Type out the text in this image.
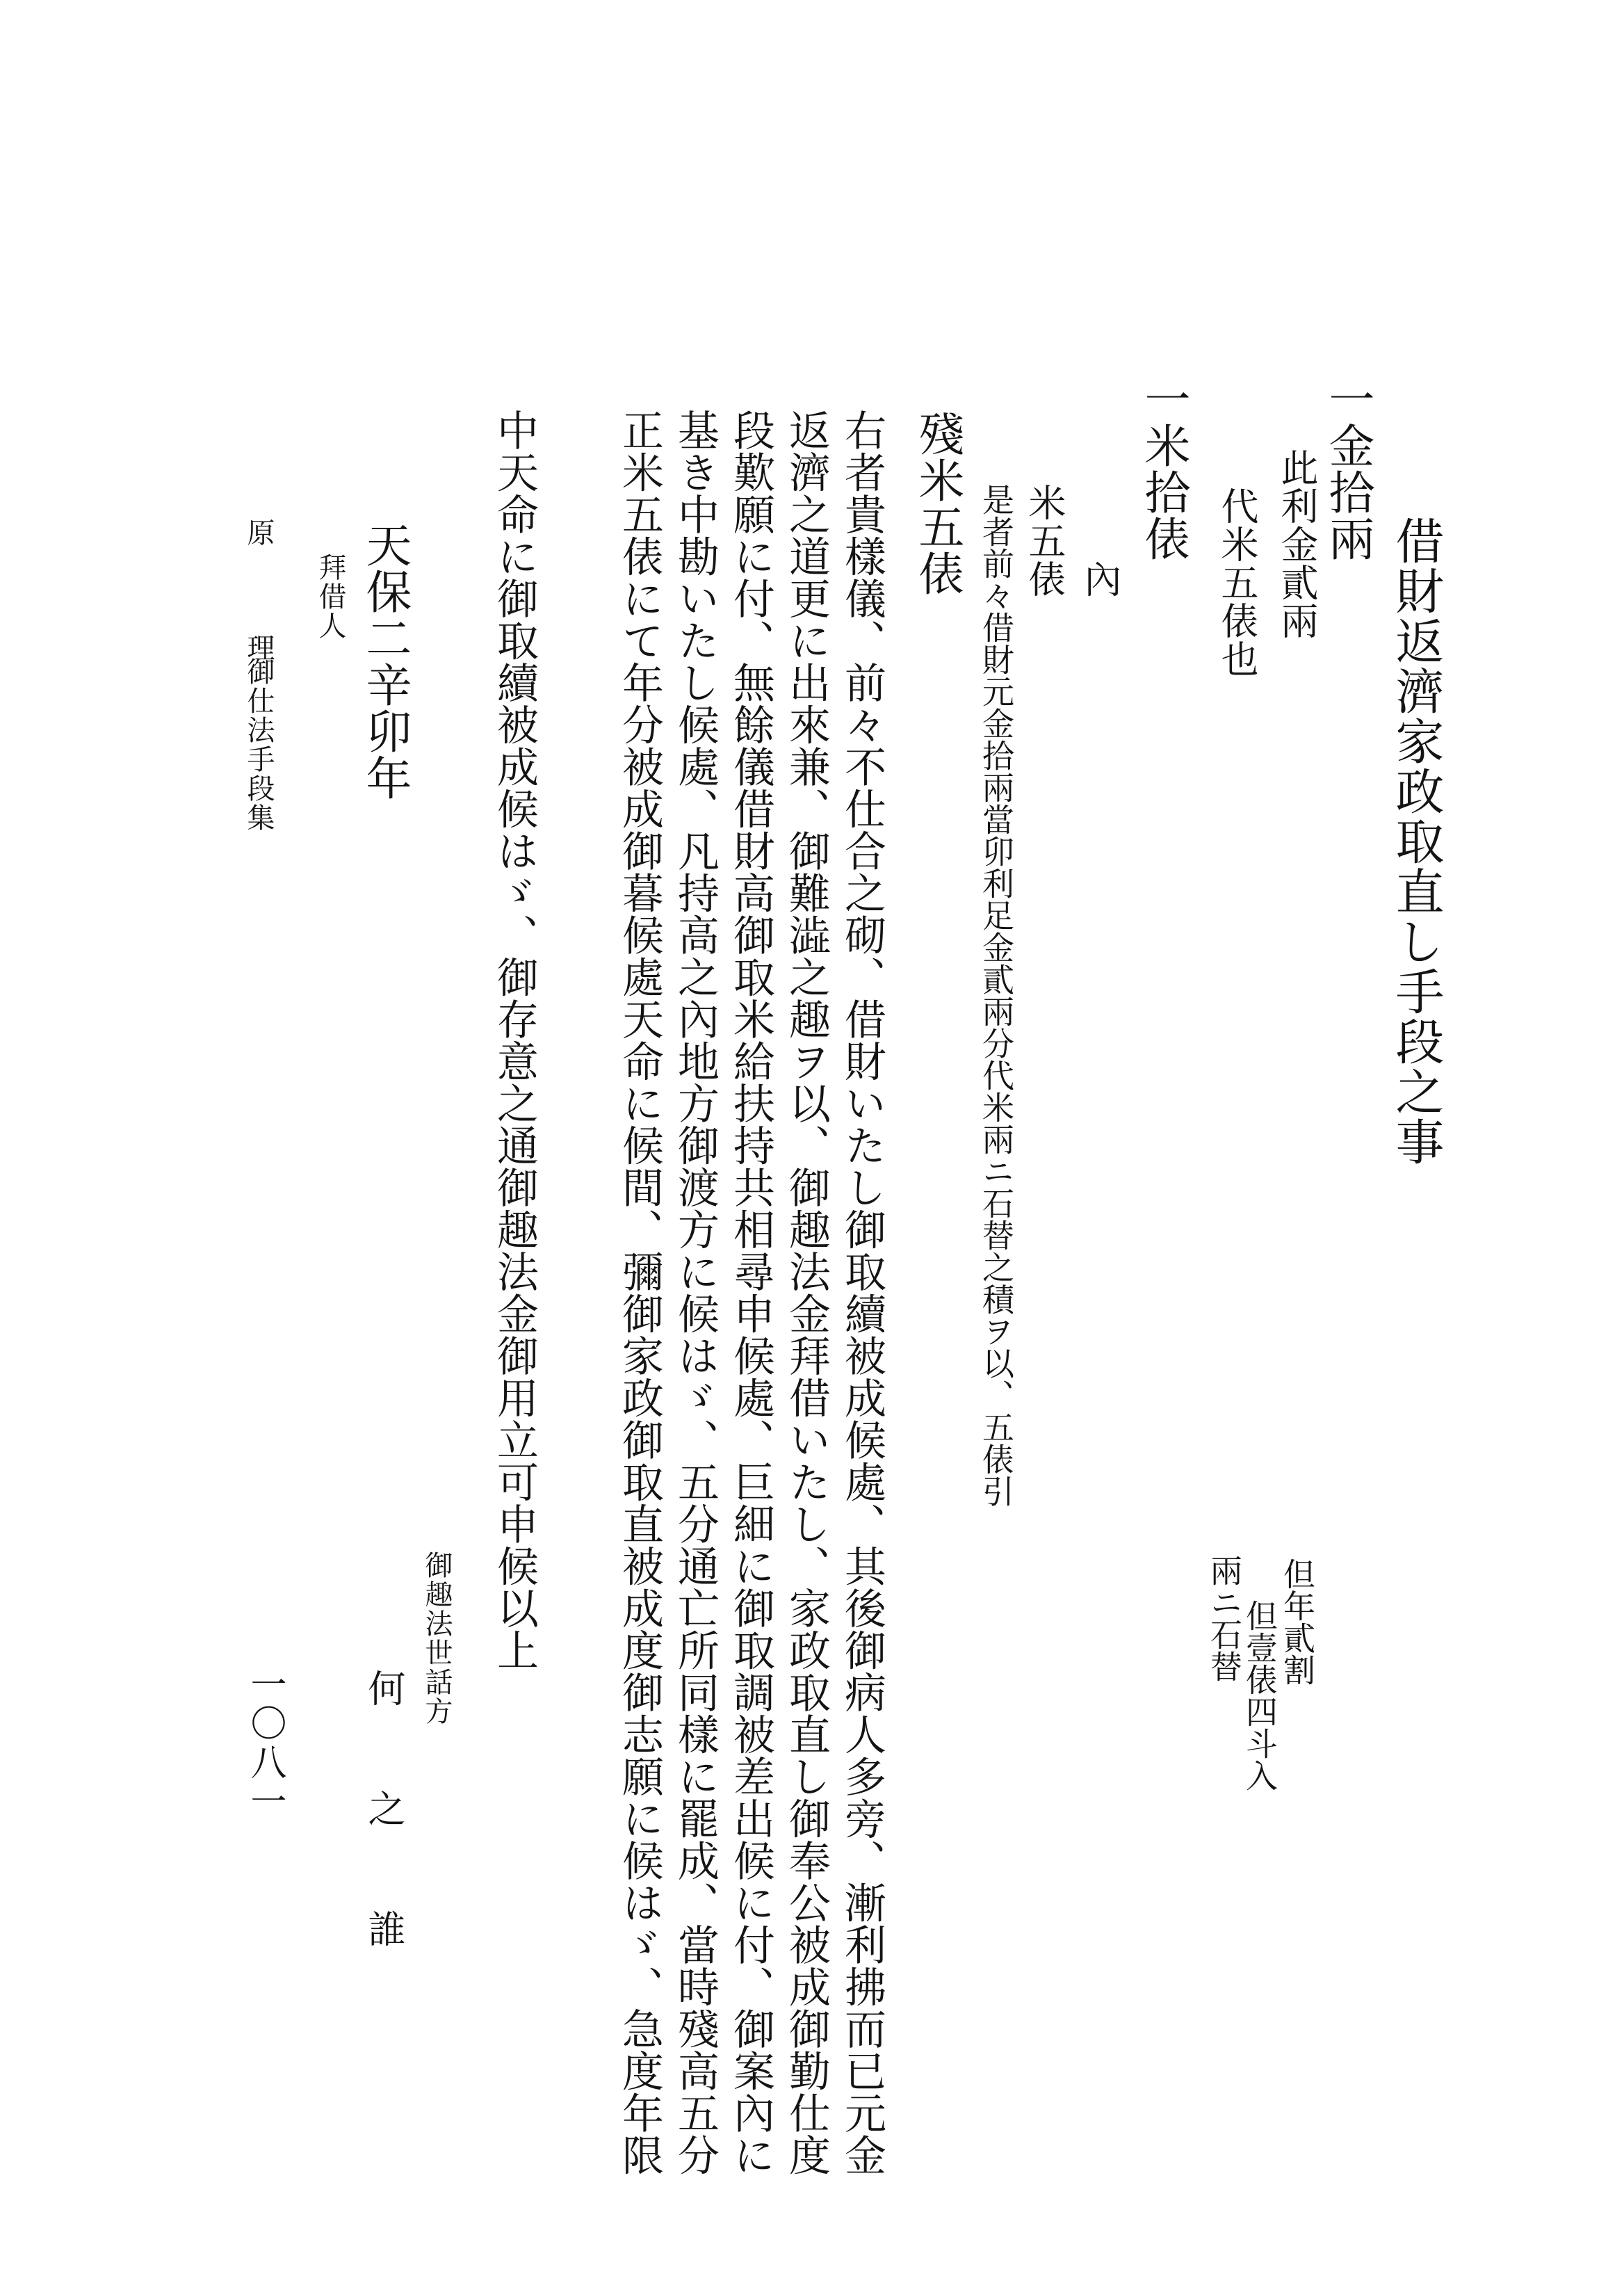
借財返濟家政取直し手段之事
一金拾兩
此利金貳兩
代米五俵也
但年貳割
但壹俵四斗入
兩ニ石替
一米拾俵
內
米五俵
是者前々借財元金拾兩當卯利足金貳兩分代米兩ニ石替之積ヲ以、五俵引
殘米五俵
右者貴樣儀、前々不仕合之砌、借財いたし御取續被成候處、其後御病人多旁、漸利拂而已元金
返濟之道更に出來兼、御難澁之趣ヲ以、御趣法金拜借いたし、家政取直し御奉公被成御勤仕度
段歎願に付、無餘儀借財高御取米給扶持共相尋申候處、巨細に御取調被差出候に付、御案內に
基き中勘いたし候處、凡持高之內地方御渡方に候はゞ、五分通亡所同樣に罷成、當時殘高五分
正米五俵にて年分被成御暮候處天命に候間、彌御家政御取直被成度御志願に候はゞ、急度年限
中天命に御取續被成候はゞ、御存意之通御趣法金御用立可申候以上
御趣法世話方
何 之 誰
天保二辛卯年
拜借人
原 理
御仕法手段集
一〇八一
